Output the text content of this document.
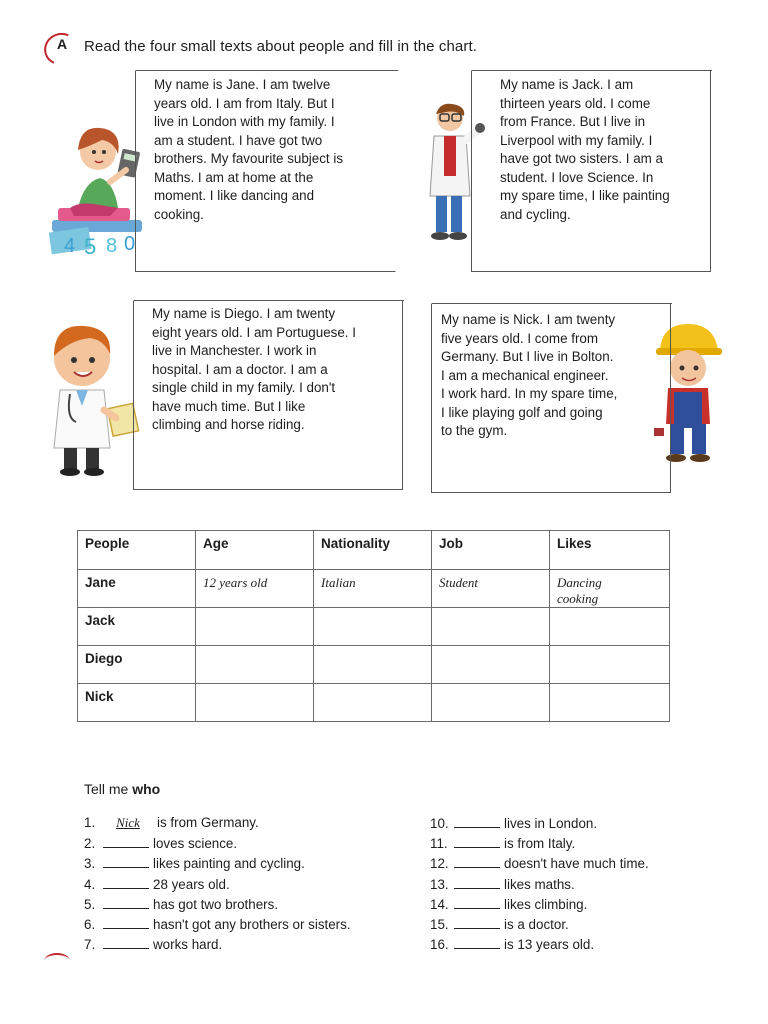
A	Read the four small texts about people and fill in the chart.
4 5 8 0
My name is Jane. I am twelve
years old. I am from Italy. But I
live in London with my family. I
am a student. I have got two
brothers. My favourite subject is
Maths. I am at home at the
moment. I like dancing and
cooking.
My name is Jack. I am
thirteen years old. I come
from France. But I live in
Liverpool with my family. I
have got two sisters. I am a
student. I love Science. In
my spare time, I like painting
and cycling.
My name is Diego. I am twenty
eight years old. I am Portuguese. I
live in Manchester. I work in
hospital. I am a doctor. I am a
single child in my family. I don't
have much time. But I like
climbing and horse riding.
My name is Nick. I am twenty
five years old. I come from
Germany. But I live in Bolton.
I am a mechanical engineer.
I work hard. In my spare time,
I like playing golf and going
to the gym.
People	Age	Nationality	Job	Likes
Jane	12 years old	Italian	Student	Dancing
cooking
Jack				
Diego				
Nick				
Tell me who
1. Nick is from Germany.
2.	loves science.
3.	likes painting and cycling.
4.	28 years old.
5.	has got two brothers.
6.	hasn't got any brothers or sisters.
7.	works hard.
10.	lives in London.
11.	is from Italy.
12.	doesn't have much time.
13.	likes maths.
14.	likes climbing.
15.	is a doctor.
16.	is 13 years old.
